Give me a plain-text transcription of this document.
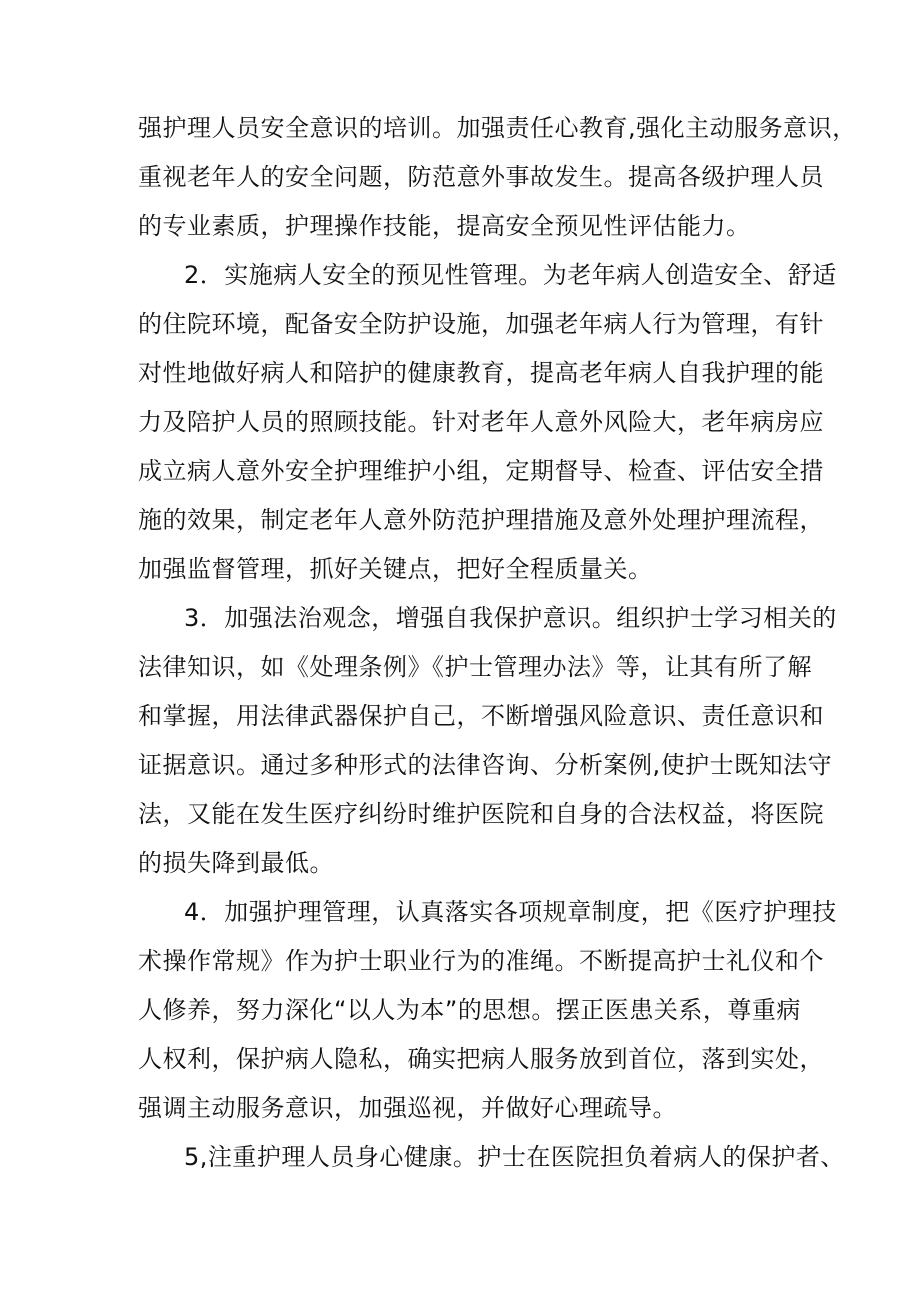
强护理人员安全意识的培训。加强责任心教育,强化主动服务意识，
重视老年人的安全问题，防范意外事故发生。提高各级护理人员
的专业素质，护理操作技能，提高安全预见性评估能力。
2．实施病人安全的预见性管理。为老年病人创造安全、舒适
的住院环境，配备安全防护设施，加强老年病人行为管理，有针
对性地做好病人和陪护的健康教育，提高老年病人自我护理的能
力及陪护人员的照顾技能。针对老年人意外风险大，老年病房应
成立病人意外安全护理维护小组，定期督导、检查、评估安全措
施的效果，制定老年人意外防范护理措施及意外处理护理流程，
加强监督管理，抓好关键点，把好全程质量关。
3．加强法治观念，增强自我保护意识。组织护士学习相关的
法律知识，如《处理条例》《护士管理办法》等，让其有所了解
和掌握，用法律武器保护自己，不断增强风险意识、责任意识和
证据意识。通过多种形式的法律咨询、分析案例,使护士既知法守
法，又能在发生医疗纠纷时维护医院和自身的合法权益，将医院
的损失降到最低。
4．加强护理管理，认真落实各项规章制度，把《医疗护理技
术操作常规》作为护士职业行为的准绳。不断提高护士礼仪和个
人修养，努力深化“以人为本”的思想。摆正医患关系，尊重病
人权利，保护病人隐私，确实把病人服务放到首位，落到实处，
强调主动服务意识，加强巡视，并做好心理疏导。
5,注重护理人员身心健康。护士在医院担负着病人的保护者、
